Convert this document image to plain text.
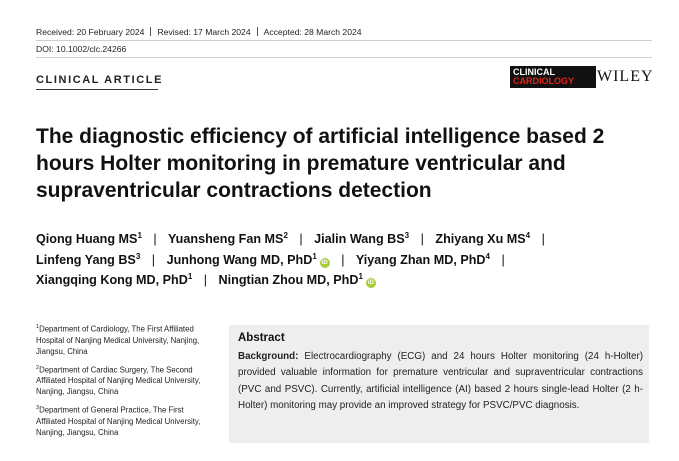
Received: 20 February 2024 Revised: 17 March 2024 Accepted: 28 March 2024
DOI: 10.1002/clc.24266
CLINICAL ARTICLE
CLINICAL
CARDIOLOGY	WILEY
The diagnostic efficiency of artificial intelligence based 2 hours Holter monitoring in premature ventricular and supraventricular contractions detection
Qiong Huang $MS^1$ | Yuansheng Fan $MS^2$ | Jialin Wang $BS^3$ | Zhiyang Xu $MS^4$ | Linfeng Yang $BS^3$ | Junhong Wang MD, PhD$^1$iD | Yiyang Zhan MD, PhD$^4$ | Xiangqing Kong MD, PhD$^1$ | Ningtian Zhou MD, PhD$^1$iD
$^1$Department of Cardiology, The First Affiliated Hospital of Nanjing Medical University, Nanjing, Jiangsu, China
$^2$Department of Cardiac Surgery, The Second Affiliated Hospital of Nanjing Medical University, Nanjing, Jiangsu, China
$^3$Department of General Practice, The First Affiliated Hospital of Nanjing Medical University, Nanjing, Jiangsu, China
Abstract

Background: Electrocardiography (ECG) and 24 hours Holter monitoring (24 h-Holter) provided valuable information for premature ventricular and supraventricular contractions (PVC and PSVC). Currently, artificial intelligence (AI) based 2 hours single-lead Holter (2 h-Holter) monitoring may provide an improved strategy for PSVC/PVC diagnosis.
